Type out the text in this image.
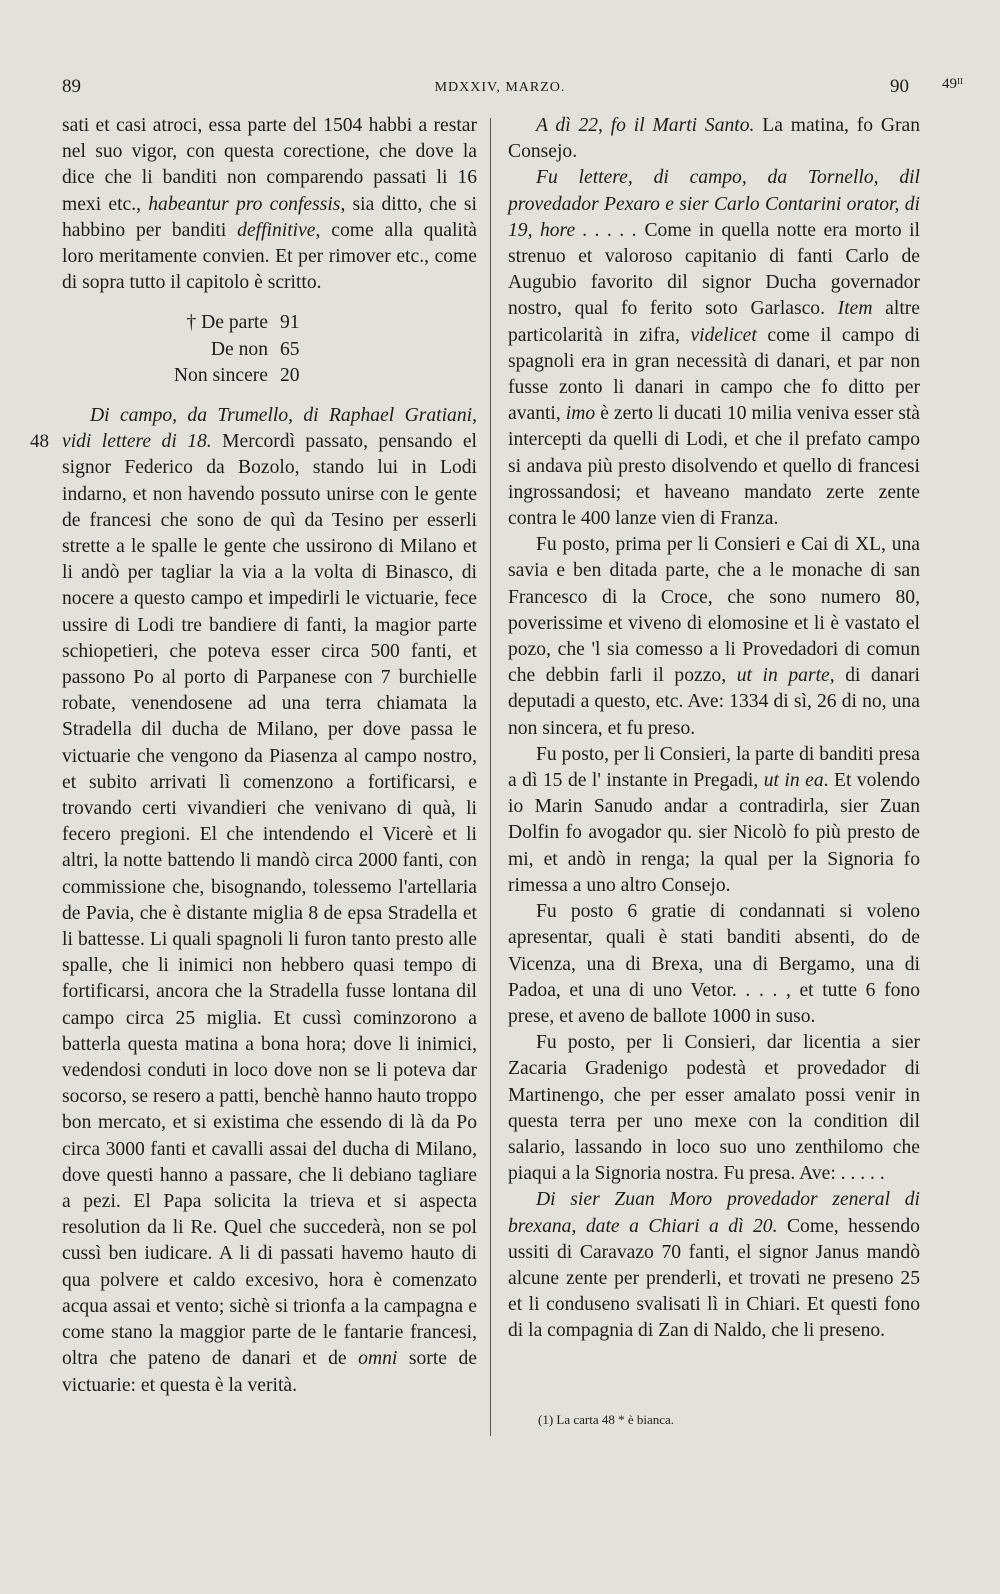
89	MDXXIV, MARZO.	90 49ᴵᴵ
48

sati et casi atroci, essa parte del 1504 habbi a restar nel suo vigor, con questa corectione, che dove la dice che li banditi non comparendo passati li 16 mexi etc., habeantur pro confessis, sia ditto, che si habbino per banditi deffinitive, come alla qualità loro meritamente convien. Et per rimover etc., come di sopra tutto il capitolo è scritto.

† De parte 91
De non 65
Non sincere 20

Di campo, da Trumello, di Raphael Gratiani, vidi lettere di 18. Mercordì passato, pensando el signor Federico da Bozolo, stando lui in Lodi indarno, et non havendo possuto unirse con le gente de francesi che sono de quì da Tesino per esserli strette a le spalle le gente che ussirono di Milano et li andò per tagliar la via a la volta di Binasco, di nocere a questo campo et impedirli le victuarie, fece ussire di Lodi tre bandiere di fanti, la magior parte schiopetieri, che poteva esser circa 500 fanti, et passono Po al porto di Parpanese con 7 burchielle robate, venendosene ad una terra chiamata la Stradella dil ducha de Milano, per dove passa le victuarie che vengono da Piasenza al campo nostro, et subito arrivati lì comenzono a fortificarsi, e trovando certi vivandieri che venivano di quà, li fecero pregioni. El che intendendo el Vicerè et li altri, la notte battendo li mandò circa 2000 fanti, con commissione che, bisognando, tolessemo l'artellaria de Pavia, che è distante miglia 8 de epsa Stradella et li battesse. Li quali spagnoli li furon tanto presto alle spalle, che li inimici non hebbero quasi tempo di fortificarsi, ancora che la Stradella fusse lontana dil campo circa 25 miglia. Et cussì cominzorono a batterla questa matina a bona hora; dove li inimici, vedendosi conduti in loco dove non se li poteva dar socorso, se resero a patti, benchè hanno hauto troppo bon mercato, et si existima che essendo di là da Po circa 3000 fanti et cavalli assai del ducha di Milano, dove questi hanno a passare, che li debiano tagliare a pezi. El Papa solicita la trieva et si aspecta resolution da li Re. Quel che succederà, non se pol cussì ben iudicare. A li di passati havemo hauto di qua polvere et caldo excesivo, hora è comenzato acqua assai et vento; sichè si trionfa a la campagna e come stano la maggior parte de le fantarie francesi, oltra che pateno de danari et de omni sorte de victuarie: et questa è la verità.

A dì 22, fo il Marti Santo. La matina, fo Gran Consejo.

Fu lettere, di campo, da Tornello, dil provedador Pexaro e sier Carlo Contarini orator, di 19, hore . . . . . Come in quella notte era morto il strenuo et valoroso capitanio di fanti Carlo de Augubio favorito dil signor Ducha governador nostro, qual fo ferito soto Garlasco. Item altre particolarità in zifra, videlicet come il campo di spagnoli era in gran necessità di danari, et par non fusse zonto li danari in campo che fo ditto per avanti, imo è zerto li ducati 10 milia veniva esser stà intercepti da quelli di Lodi, et che il prefato campo si andava più presto disolvendo et quello di francesi ingrossandosi; et haveano mandato zerte zente contra le 400 lanze vien di Franza.

Fu posto, prima per li Consieri e Cai di XL, una savia e ben ditada parte, che a le monache di san Francesco di la Croce, che sono numero 80, poverissime et viveno di elomosine et li è vastato el pozo, che 'l sia comesso a li Provedadori di comun che debbin farli il pozzo, ut in parte, di danari deputadi a questo, etc. Ave: 1334 di sì, 26 di no, una non sincera, et fu preso.

Fu posto, per li Consieri, la parte di banditi presa a dì 15 de l' instante in Pregadi, ut in ea. Et volendo io Marin Sanudo andar a contradirla, sier Zuan Dolfin fo avogador qu. sier Nicolò fo più presto de mi, et andò in renga; la qual per la Signoria fo rimessa a uno altro Consejo.

Fu posto 6 gratie di condannati si voleno apresentar, quali è stati banditi absenti, do de Vicenza, una di Brexa, una di Bergamo, una di Padoa, et una di uno Vetor. . . . , et tutte 6 fono prese, et aveno de ballote 1000 in suso.

Fu posto, per li Consieri, dar licentia a sier Zacaria Gradenigo podestà et provedador di Martinengo, che per esser amalato possi venir in questa terra per uno mexe con la condition dil salario, lassando in loco suo uno zenthilomo che piaqui a la Signoria nostra. Fu presa. Ave: . . . . .

Di sier Zuan Moro provedador zeneral di brexana, date a Chiari a dì 20. Come, hessendo ussiti di Caravazo 70 fanti, el signor Janus mandò alcune zente per prenderli, et trovati ne preseno 25 et li conduseno svalisati lì in Chiari. Et questi fono di la compagnia di Zan di Naldo, che li preseno.

(1) La carta 48 * è bianca.
